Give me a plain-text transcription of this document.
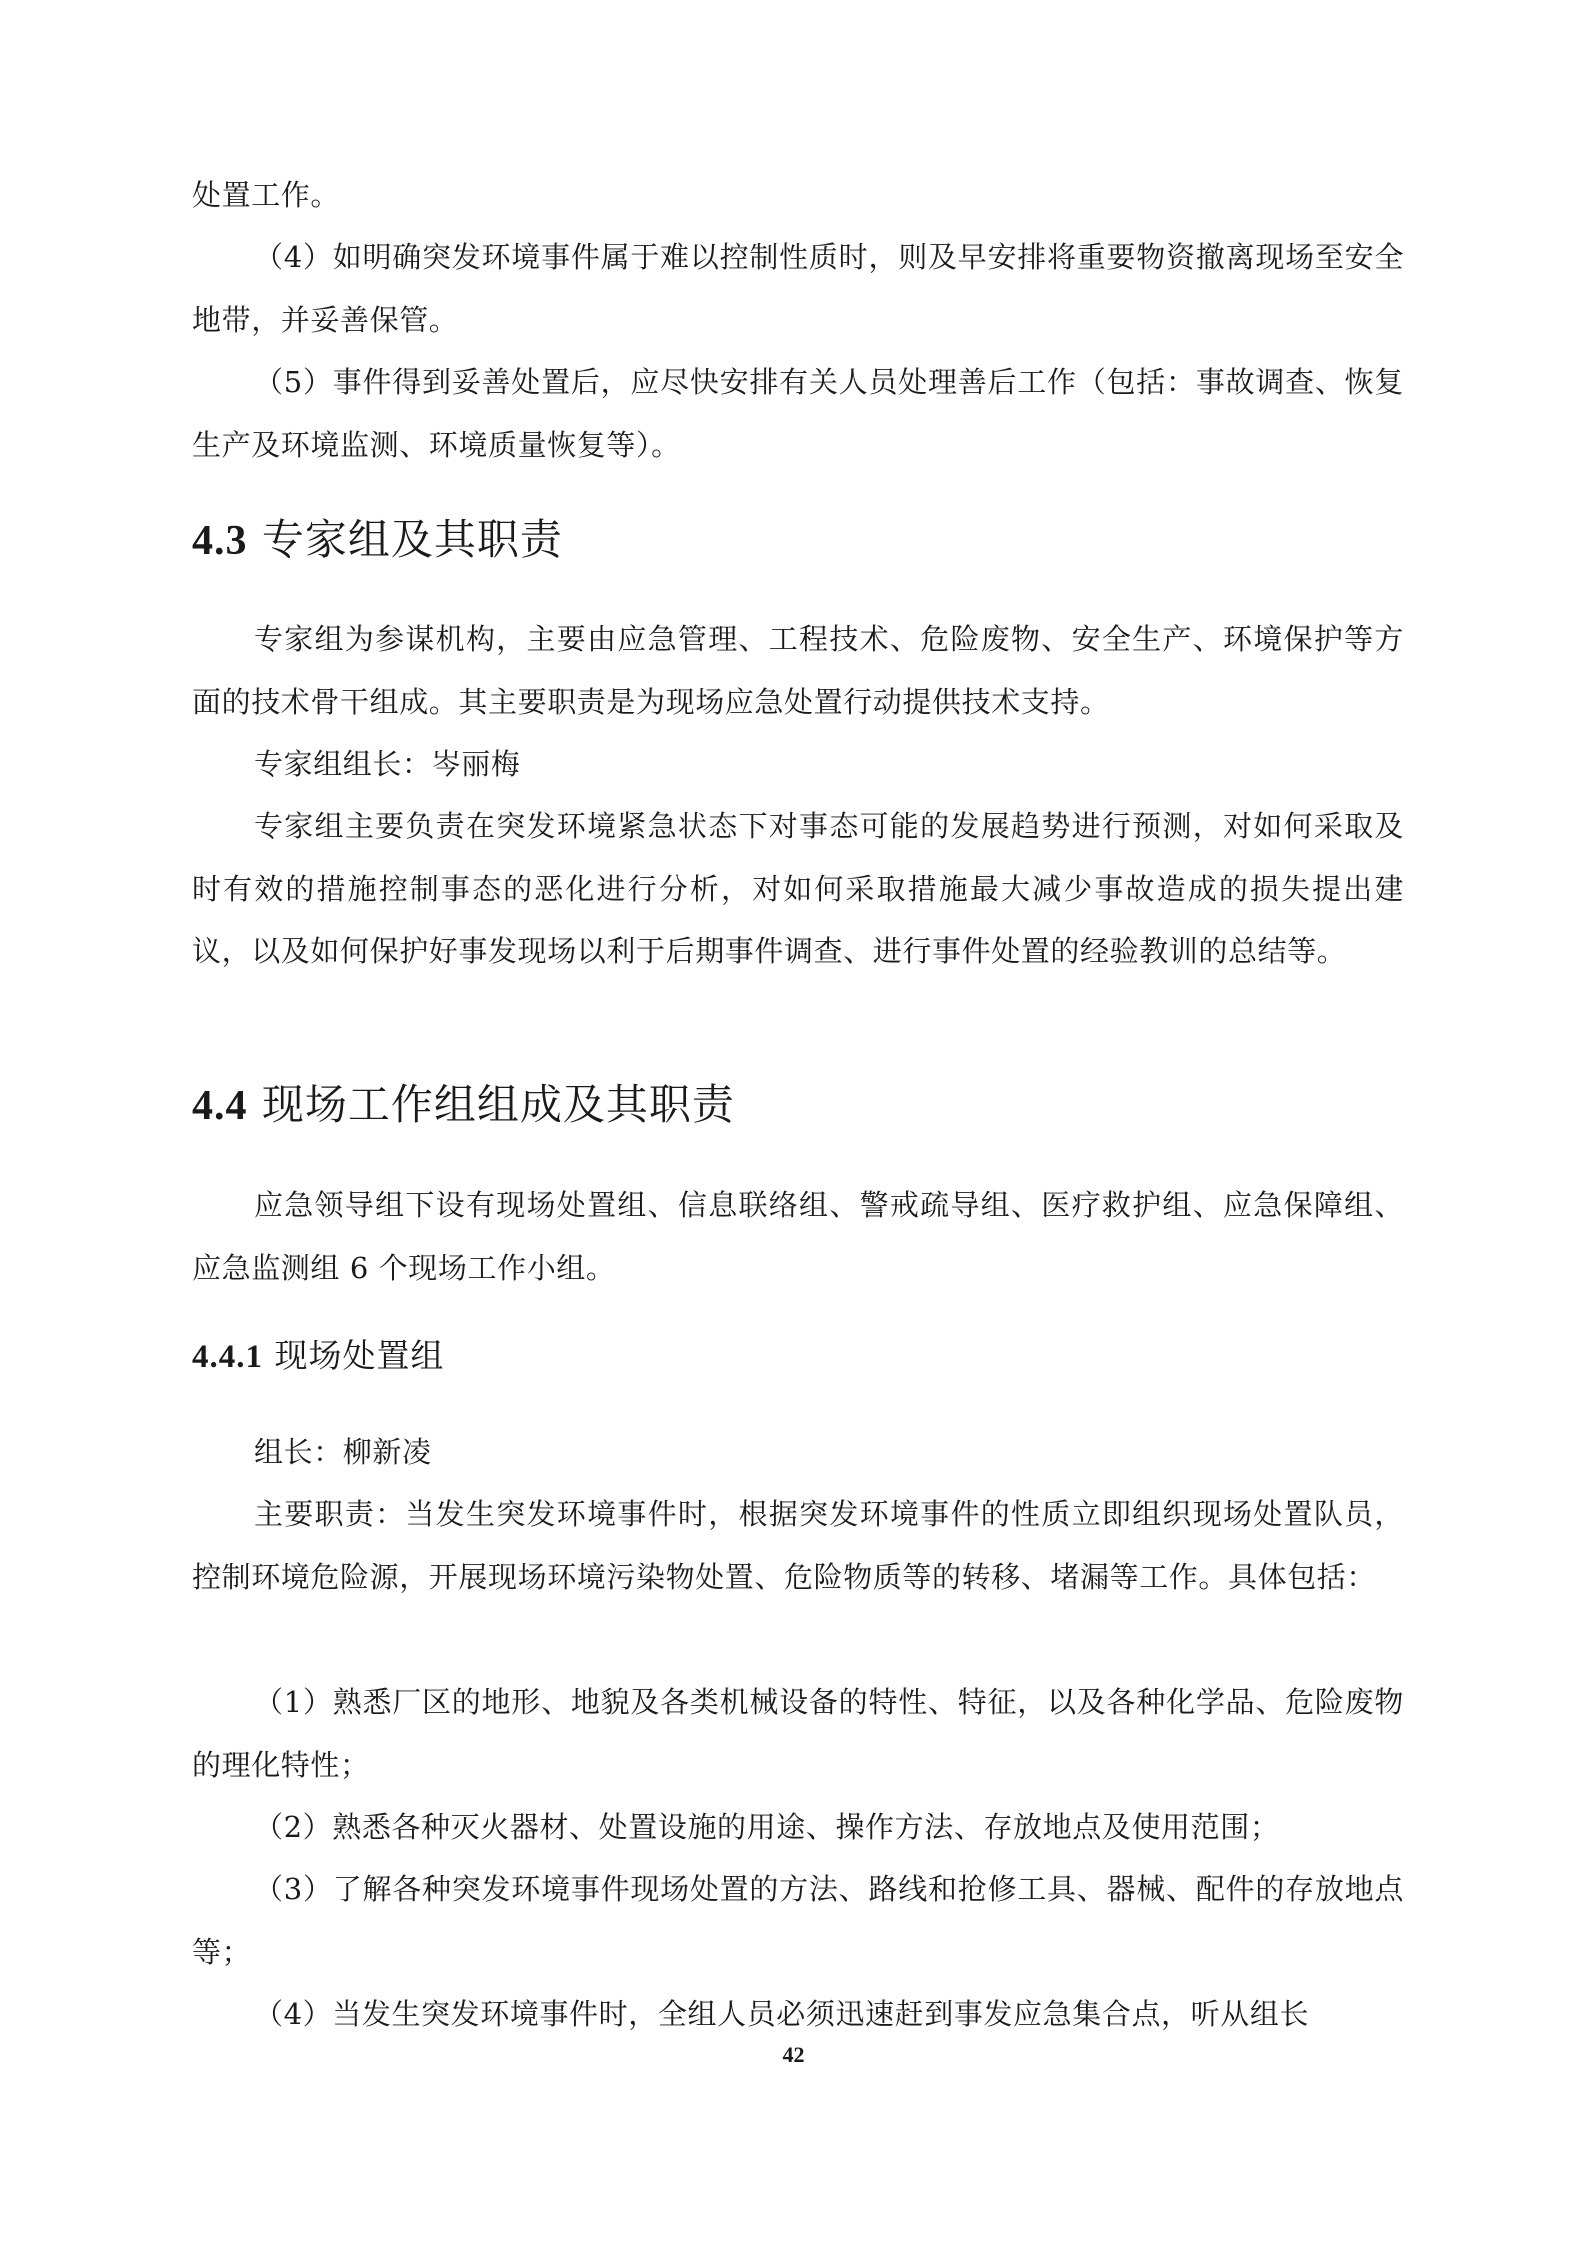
处置工作。

（4）如明确突发环境事件属于难以控制性质时，则及早安排将重要物资撤离现场至安全地带，并妥善保管。

（5）事件得到妥善处置后，应尽快安排有关人员处理善后工作（包括：事故调查、恢复生产及环境监测、环境质量恢复等）。

4.3 专家组及其职责

专家组为参谋机构，主要由应急管理、工程技术、危险废物、安全生产、环境保护等方面的技术骨干组成。其主要职责是为现场应急处置行动提供技术支持。

专家组组长：岑丽梅

专家组主要负责在突发环境紧急状态下对事态可能的发展趋势进行预测，对如何采取及时有效的措施控制事态的恶化进行分析，对如何采取措施最大减少事故造成的损失提出建议，以及如何保护好事发现场以利于后期事件调查、进行事件处置的经验教训的总结等。

4.4 现场工作组组成及其职责

应急领导组下设有现场处置组、信息联络组、警戒疏导组、医疗救护组、应急保障组、应急监测组 6 个现场工作小组。

4.4.1 现场处置组

组长：柳新凌

主要职责：当发生突发环境事件时，根据突发环境事件的性质立即组织现场处置队员，控制环境危险源，开展现场环境污染物处置、危险物质等的转移、堵漏等工作。具体包括：

（1）熟悉厂区的地形、地貌及各类机械设备的特性、特征，以及各种化学品、危险废物的理化特性；

（2）熟悉各种灭火器材、处置设施的用途、操作方法、存放地点及使用范围；

（3）了解各种突发环境事件现场处置的方法、路线和抢修工具、器械、配件的存放地点等；

（4）当发生突发环境事件时，全组人员必须迅速赶到事发应急集合点，听从组长

42
